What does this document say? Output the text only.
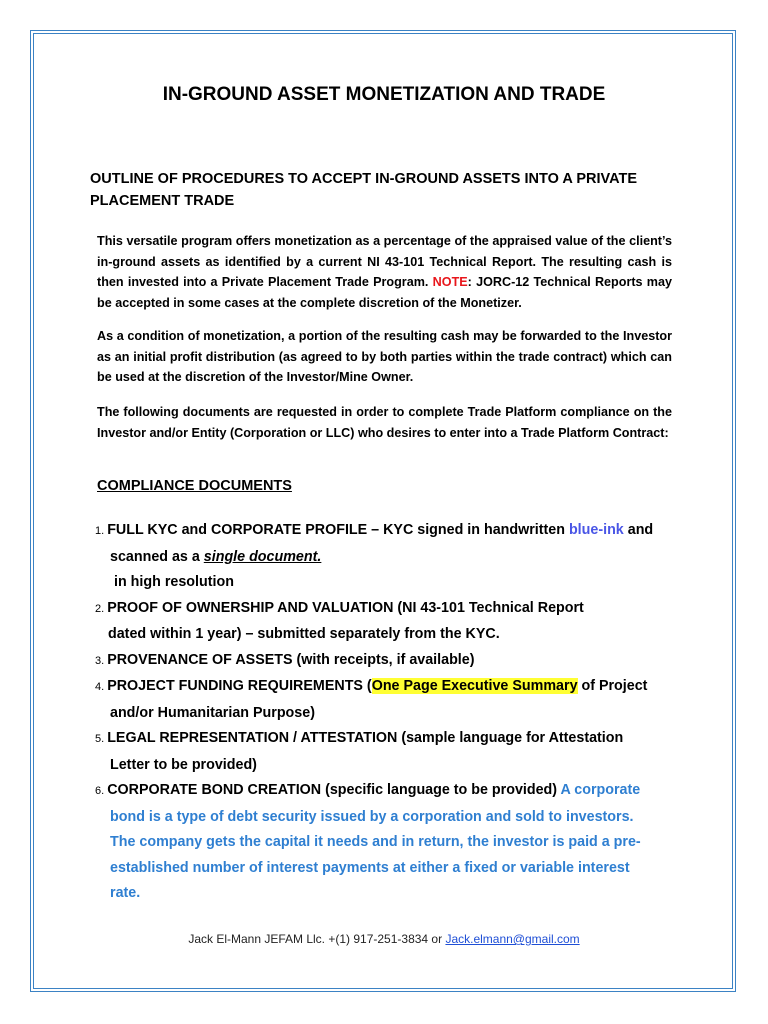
IN-GROUND ASSET MONETIZATION AND TRADE
OUTLINE OF PROCEDURES TO ACCEPT IN-GROUND ASSETS INTO A PRIVATE
PLACEMENT TRADE
This versatile program offers monetization as a percentage of the appraised value of the client’s in-ground assets as identified by a current NI 43-101 Technical Report. The resulting cash is then invested into a Private Placement Trade Program. NOTE: JORC-12 Technical Reports may be accepted in some cases at the complete discretion of the Monetizer.
As a condition of monetization, a portion of the resulting cash may be forwarded to the Investor as an initial profit distribution (as agreed to by both parties within the trade contract) which can be used at the discretion of the Investor/Mine Owner.
The following documents are requested in order to complete Trade Platform compliance on the Investor and/or Entity (Corporation or LLC) who desires to enter into a Trade Platform Contract:
COMPLIANCE DOCUMENTS
1. FULL KYC and CORPORATE PROFILE – KYC signed in handwritten blue-ink and
scanned as a single document.
in high resolution
2. PROOF OF OWNERSHIP AND VALUATION (NI 43-101 Technical Report
dated within 1 year) – submitted separately from the KYC.
3. PROVENANCE OF ASSETS (with receipts, if available)
4. PROJECT FUNDING REQUIREMENTS (One Page Executive Summary of Project
and/or Humanitarian Purpose)
5. LEGAL REPRESENTATION / ATTESTATION (sample language for Attestation
Letter to be provided)
6. CORPORATE BOND CREATION (specific language to be provided) A corporate
bond is a type of debt security issued by a corporation and sold to investors.
The company gets the capital it needs and in return, the investor is paid a pre-
established number of interest payments at either a fixed or variable interest
rate.
Jack El-Mann JEFAM Llc. +(1) 917-251-3834 or Jack.elmann@gmail.com
